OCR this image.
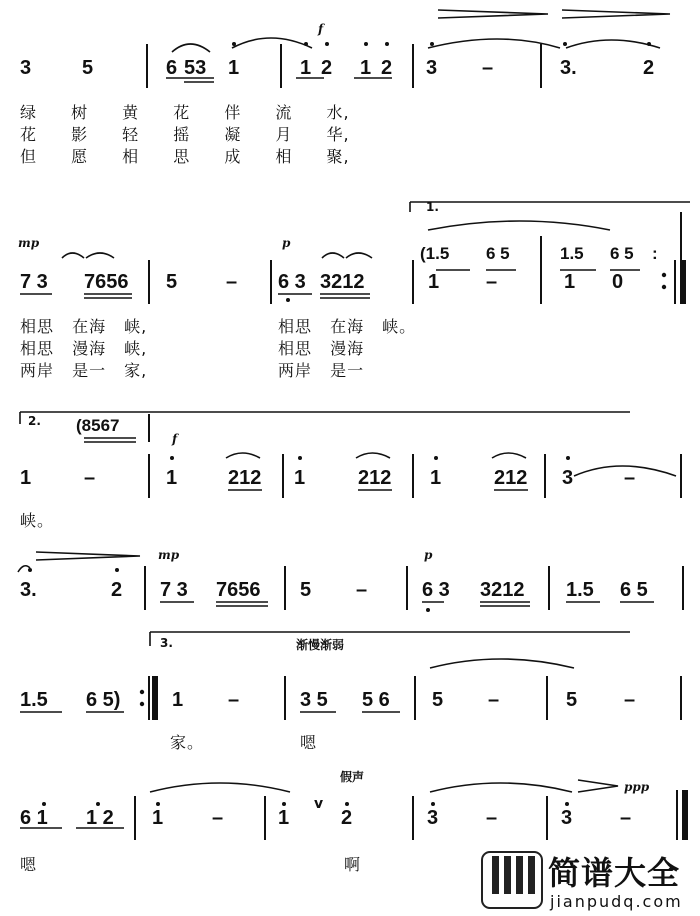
3	5	6 53 1
f
1 2 1 2 3 –	3.	2
绿 树 黄 花 伴 流 水,
花 影 轻 摇 凝 月 华,
但 愿 相 思 成 相 聚,
1.
(1.5 6 5	1.5 6 5 :
mp	p
7 3 7656 5 – 6 3 3212	1 –	1 0
相思 在海 峡,	相思 在海 峡。
相思 漫海 峡,	相思 漫海
两岸 是一 家,	两岸 是一
2. (8567
f
1	–	1	212 1	212 1	212 3	–
峡。
mp	p
3.	2 7 3 7656 5 –	6 3 3212 1.5 6 5
3.	渐慢渐弱
1.5 6 5)	1 –	3 5 5 6 5 –	5 –
家。	嗯
假声
ppp
6 1 1 2 1 –	1
v
2	3 –	3 –
嗯	啊	简谱大全
jianpudq.com
